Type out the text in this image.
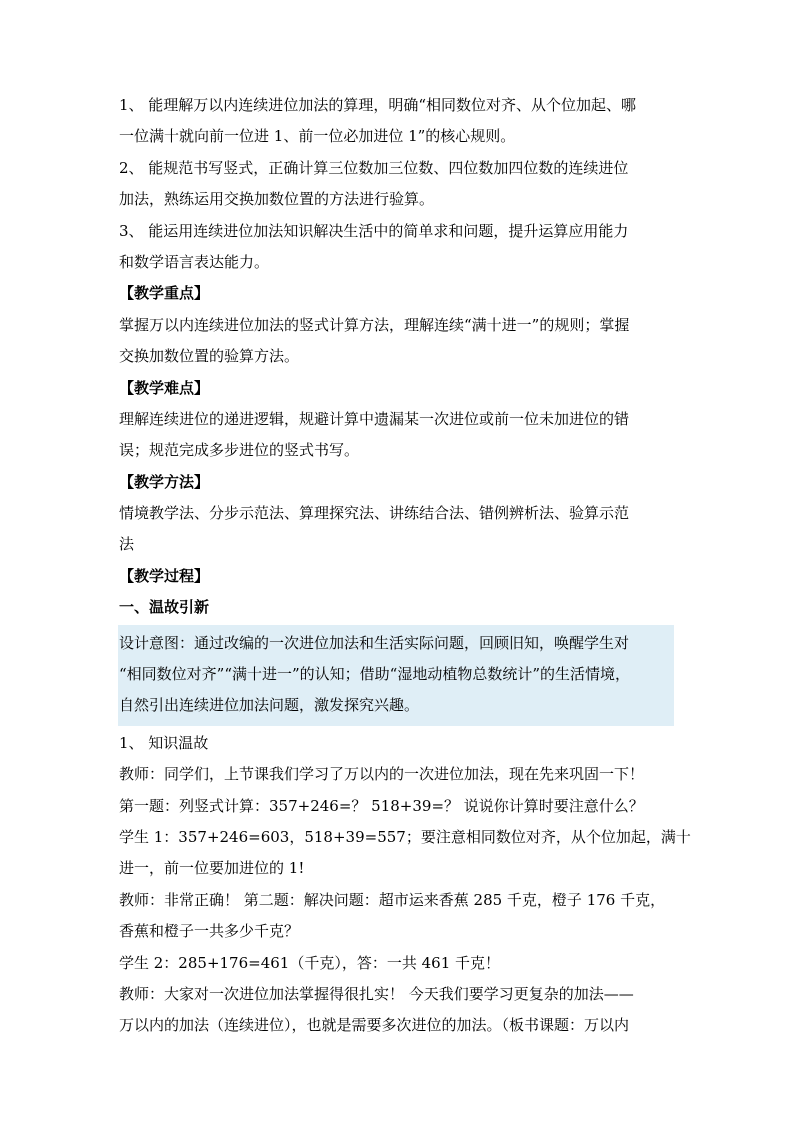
1、 能理解万以内连续进位加法的算理，明确“相同数位对齐、从个位加起、哪

一位满十就向前一位进 1、前一位必加进位 1”的核心规则。

2、 能规范书写竖式，正确计算三位数加三位数、四位数加四位数的连续进位

加法，熟练运用交换加数位置的方法进行验算。

3、 能运用连续进位加法知识解决生活中的简单求和问题，提升运算应用能力

和数学语言表达能力。

【教学重点】

掌握万以内连续进位加法的竖式计算方法，理解连续“满十进一”的规则；掌握

交换加数位置的验算方法。

【教学难点】

理解连续进位的递进逻辑，规避计算中遗漏某一次进位或前一位未加进位的错

误；规范完成多步进位的竖式书写。

【教学方法】

情境教学法、分步示范法、算理探究法、讲练结合法、错例辨析法、验算示范

法

【教学过程】

一、温故引新

设计意图：通过改编的一次进位加法和生活实际问题，回顾旧知，唤醒学生对

“相同数位对齐”“满十进一”的认知；借助“湿地动植物总数统计”的生活情境，

自然引出连续进位加法问题，激发探究兴趣。

1、 知识温故

教师：同学们，上节课我们学习了万以内的一次进位加法，现在先来巩固一下！

第一题：列竖式计算：357+246=？ 518+39=？ 说说你计算时要注意什么？

学生 1：357+246=603，518+39=557；要注意相同数位对齐，从个位加起，满十

进一，前一位要加进位的 1!

教师：非常正确！ 第二题：解决问题：超市运来香蕉 285 千克，橙子 176 千克，

香蕉和橙子一共多少千克？

学生 2：285+176=461（千克），答：一共 461 千克！

教师：大家对一次进位加法掌握得很扎实！ 今天我们要学习更复杂的加法——

万以内的加法（连续进位），也就是需要多次进位的加法。（板书课题：万以内
